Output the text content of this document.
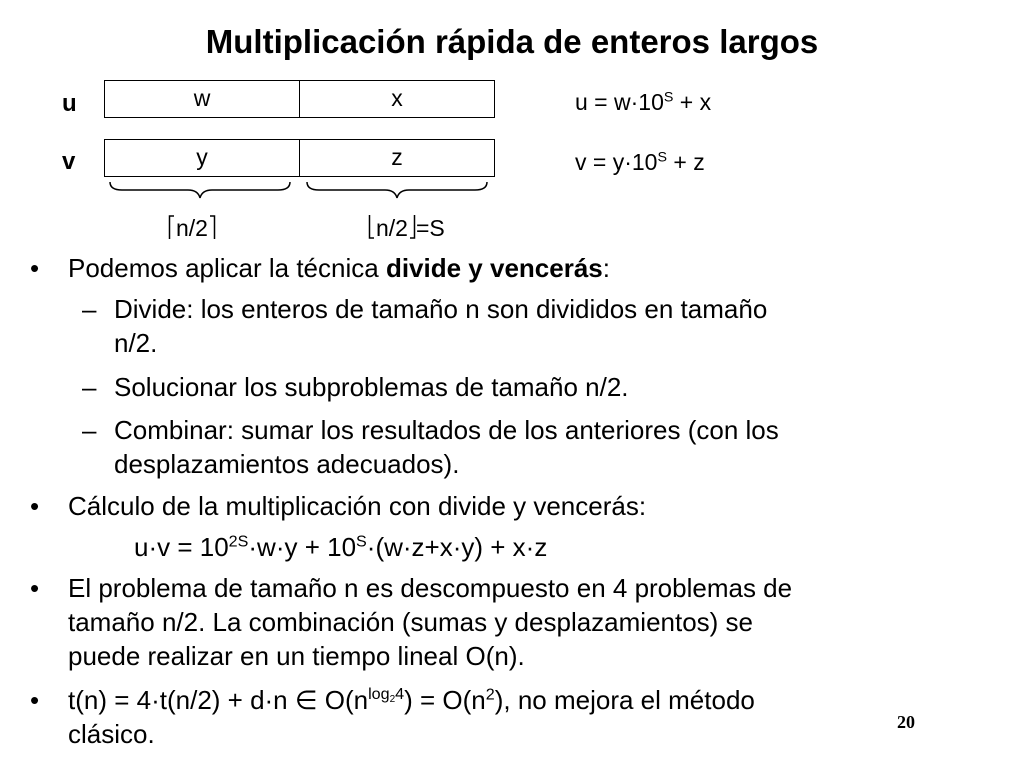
Multiplicación rápida de enteros largos
u	w	x	$u = w\cdot 10^S + x$
v	y	z	$v = y\cdot 10^S + z$
n/2	n/2 =S
• Podemos aplicar la técnica divide y vencerás:
– Divide: los enteros de tamaño n son divididos en tamaño
n/2.
– Solucionar los subproblemas de tamaño n/2.
– Combinar: sumar los resultados de los anteriores (con los
desplazamientos adecuados).
• Cálculo de la multiplicación con divide y vencerás:
$u\cdot v = 10^{2S}\cdot w\cdot y + 10^S\cdot(w\cdot z+x\cdot y) + x\cdot z$
• El problema de tamaño n es descompuesto en 4 problemas de
tamaño n/2. La combinación (sumas y desplazamientos) se
puede realizar en un tiempo lineal O(n).
• t(n) = 4·t(n/2) + d·n ∈ $O(n^{log_24}) = O(n^2)$, no mejora el método
clásico.	20
